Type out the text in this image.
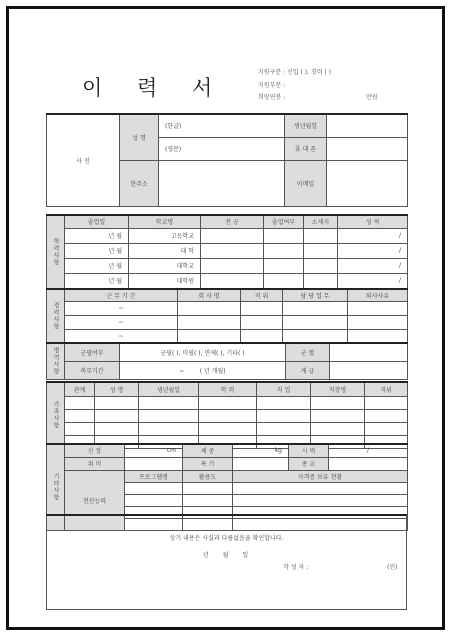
이 력 서
지원구분 : 신입 ( ), 경력 ( )
지원부문 :
희망연봉 :	만원
사 진	성 명	(한글)	생년월일	
		(영문)	휴 대 폰	
	현주소		이메일	

학력사항	졸업일	학교명	전 공	졸업여부	소재지	성 적
	년 월	고등학교				/
	년 월	대 학				/
	년 월	대학교				/
	년 월	대학원				/
경력사항	근 무 기 간	회 사 명	직 위	담 당 업 무	퇴사사유
	~				
	~				
	~				
병역사항	군필여부	군필( ), 미필( ), 면제( ), 기타( )	군 별	
	복무기간	~ ( 년 개월)	계 급	
가족사항	관계	성 명	생년월일	학 력	직 업	직장명	직위

기타사항	신 장	cm	체 중	kg	시 력	/
	취 미		특 기		종 교	
	전산능력	프로그램명	활용도	자격증 보유 현황		

상기 내용은 사실과 다름없음을 확인합니다.
년 월 일
작 성 자 :	(인)
